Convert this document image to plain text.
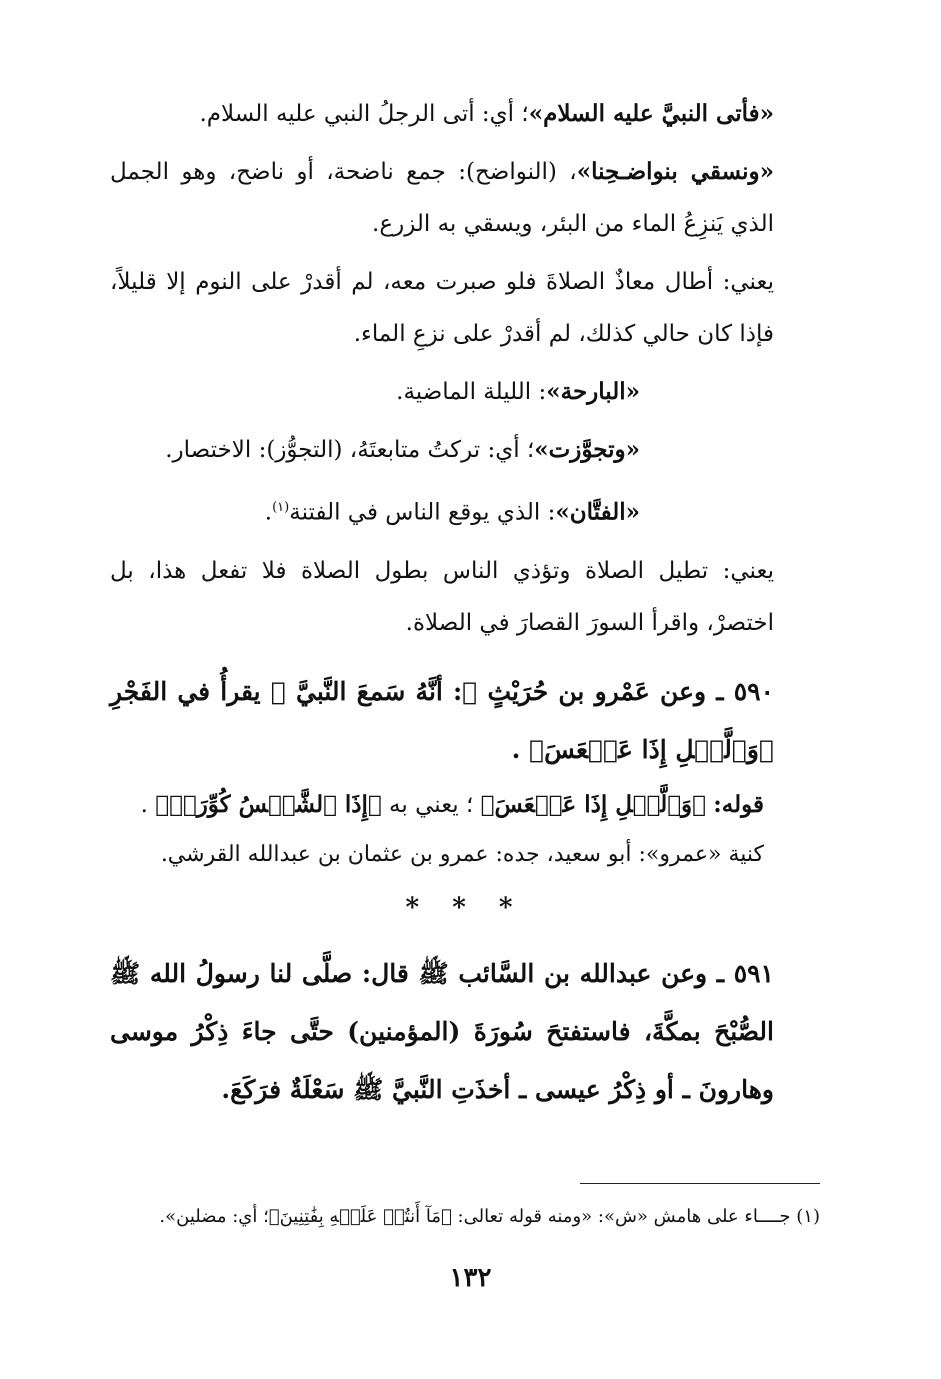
«فأتى النبيَّ عليه السلام»؛ أي: أتى الرجلُ النبي عليه السلام.

«ونسقي بنواضـحِنا»، (النواضح): جمع ناضحة، أو ناضح، وهو الجمل الذي يَنزِعُ الماء من البئر، ويسقي به الزرع.

يعني: أطال معاذٌ الصلاةَ فلو صبرت معه، لم أقدرْ على النوم إلا قليلاً، فإذا كان حالي كذلك، لم أقدرْ على نزعِ الماء.

«البارحة»: الليلة الماضية.

«وتجوَّزت»؛ أي: تركتُ متابعتَهُ، (التجوُّز): الاختصار.

«الفتَّان»: الذي يوقع الناس في الفتنة$^{(١)}$.

يعني: تطيل الصلاة وتؤذي الناس بطول الصلاة فلا تفعل هذا، بل اختصرْ، واقرأ السورَ القصارَ في الصلاة.

٥٩٠ ـ وعن عَمْرو بن حُرَيْثٍ ﷺ: أنَّهُ سَمعَ النَّبيَّ ﷺ يقرأُ في الفَجْرِ ﴿وَٱلَّيۡلِ إِذَا عَسۡعَسَ﴾ .

قوله: ﴿وَٱلَّيۡلِ إِذَا عَسۡعَسَ﴾ ؛ يعني به ﴿إِذَا ٱلشَّمۡسُ كُوِّرَتۡ﴾ .

كنية «عمرو»: أبو سعيد، جده: عمرو بن عثمان بن عبدالله القرشي.

* * *

٥٩١ ـ وعن عبدالله بن السَّائب ﷺ قال: صلَّى لنا رسولُ الله ﷺ الصُّبْحَ بمكَّةَ، فاستفتحَ سُورَةَ (المؤمنين) حتَّى جاءَ ذِكْرُ موسى وهارونَ ـ أو ذِكْرُ عيسى ـ أخذَتِ النَّبيَّ ﷺ سَعْلَةٌ فرَكَعَ.

(١) جــــاء على هامش «ش»: «ومنه قوله تعالى: ﴿مَآ أَنتُمۡ عَلَيۡهِ بِفَٰتِنِينَ﴾؛ أي: مضلين».

١٣٢
